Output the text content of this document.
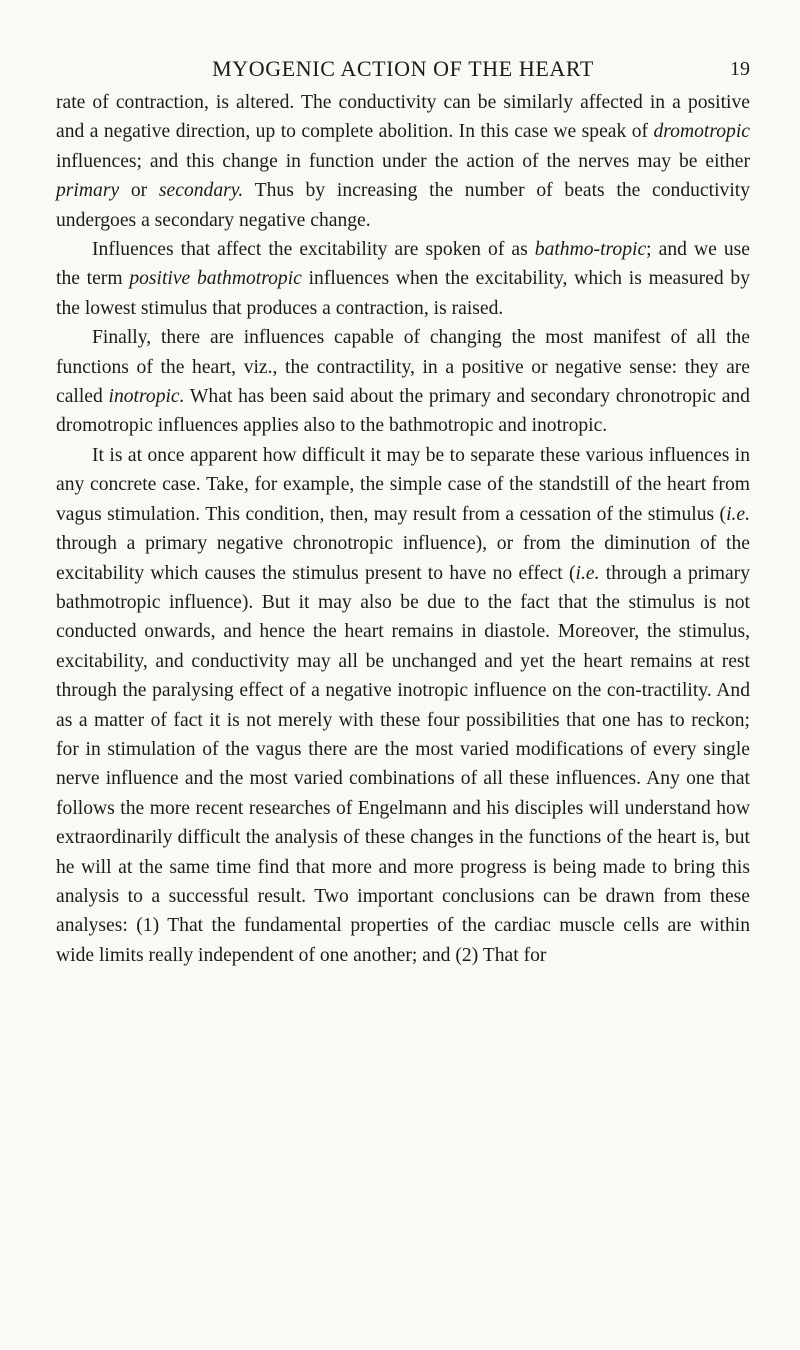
MYOGENIC ACTION OF THE HEART	19

rate of contraction, is altered. The conductivity can be similarly affected in a positive and a negative direction, up to complete abolition. In this case we speak of dromotropic influences; and this change in function under the action of the nerves may be either primary or secondary. Thus by increasing the number of beats the conductivity undergoes a secondary negative change.

Influences that affect the excitability are spoken of as bathmo-tropic; and we use the term positive bathmotropic influences when the excitability, which is measured by the lowest stimulus that produces a contraction, is raised.

Finally, there are influences capable of changing the most manifest of all the functions of the heart, viz., the contractility, in a positive or negative sense: they are called inotropic. What has been said about the primary and secondary chronotropic and dromotropic influences applies also to the bathmotropic and inotropic.

It is at once apparent how difficult it may be to separate these various influences in any concrete case. Take, for example, the simple case of the standstill of the heart from vagus stimulation. This condition, then, may result from a cessation of the stimulus (i.e. through a primary negative chronotropic influence), or from the diminution of the excitability which causes the stimulus present to have no effect (i.e. through a primary bathmotropic influence). But it may also be due to the fact that the stimulus is not conducted onwards, and hence the heart remains in diastole. Moreover, the stimulus, excitability, and conductivity may all be unchanged and yet the heart remains at rest through the paralysing effect of a negative inotropic influence on the con-tractility. And as a matter of fact it is not merely with these four possibilities that one has to reckon; for in stimulation of the vagus there are the most varied modifications of every single nerve influence and the most varied combinations of all these influences. Any one that follows the more recent researches of Engelmann and his disciples will understand how extraordinarily difficult the analysis of these changes in the functions of the heart is, but he will at the same time find that more and more progress is being made to bring this analysis to a successful result. Two important conclusions can be drawn from these analyses: (1) That the fundamental properties of the cardiac muscle cells are within wide limits really independent of one another; and (2) That for
